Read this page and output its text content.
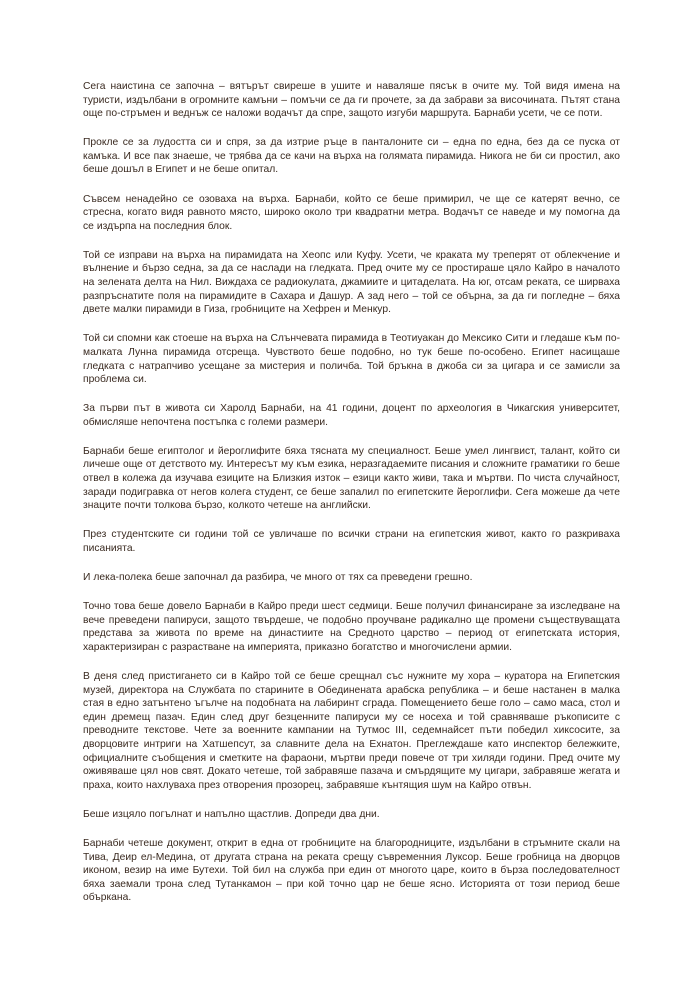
Сега наистина се започна – вятърът свиреше в ушите и наваляше пясък в очите му. Той видя имена на туристи, издълбани в огромните камъни – помъчи се да ги прочете, за да забрави за височината. Пътят стана още по-стръмен и веднъж се наложи водачът да спре, защото изгуби маршрута. Барнаби усети, че се поти.

Прокле се за лудостта си и спря, за да изтрие ръце в панталоните си – една по една, без да се пуска от камъка. И все пак знаеше, че трябва да се качи на върха на голямата пирамида. Никога не би си простил, ако беше дошъл в Египет и не беше опитал.

Съвсем ненадейно се озоваха на върха. Барнаби, който се беше примирил, че ще се катерят вечно, се стресна, когато видя равното място, широко около три квадратни метра. Водачът се наведе и му помогна да се издърпа на последния блок.

Той се изправи на върха на пирамидата на Хеопс или Куфу. Усети, че краката му треперят от облекчение и вълнение и бързо седна, за да се наслади на гледката. Пред очите му се простираше цяло Кайро в началото на зелената делта на Нил. Виждаха се радиокулата, джамиите и цитаделата. На юг, отсам реката, се ширваха разпръснатите поля на пирамидите в Сахара и Дашур. А зад него – той се обърна, за да ги погледне – бяха двете малки пирамиди в Гиза, гробниците на Хефрен и Менкур.

Той си спомни как стоеше на върха на Слънчевата пирамида в Теотиуакан до Мексико Сити и гледаше към по-малката Лунна пирамида отсреща. Чувството беше подобно, но тук беше по-особено. Египет насищаше гледката с натрапчиво усещане за мистерия и поличба. Той бръкна в джоба си за цигара и се замисли за проблема си.

За първи път в живота си Харолд Барнаби, на 41 години, доцент по археология в Чикагския университет, обмисляше непочтена постъпка с големи размери.

Барнаби беше египтолог и йероглифите бяха тясната му специалност. Беше умел лингвист, талант, който си личеше още от детството му. Интересът му към езика, неразгадаемите писания и сложните граматики го беше отвел в колежа да изучава езиците на Близкия изток – езици както живи, така и мъртви. По чиста случайност, заради подигравка от негов колега студент, се беше запалил по египетските йероглифи. Сега можеше да чете знаците почти толкова бързо, колкото четеше на английски.

През студентските си години той се увличаше по всички страни на египетския живот, както го разкриваха писанията.

И лека-полека беше започнал да разбира, че много от тях са преведени грешно.

Точно това беше довело Барнаби в Кайро преди шест седмици. Беше получил финансиране за изследване на вече преведени папируси, защото твърдеше, че подобно проучване радикално ще промени съществуващата представа за живота по време на династиите на Средното царство – период от египетската история, характеризиран с разрастване на империята, приказно богатство и многочислени армии.

В деня след пристигането си в Кайро той се беше срещнал със нужните му хора – куратора на Египетския музей, директора на Службата по старините в Обединената арабска република – и беше настанен в малка стая в едно затънтено ъгълче на подобната на лабиринт сграда. Помещението беше голо – само маса, стол и един дремещ пазач. Един след друг безценните папируси му се носеха и той сравняваше ръкописите с преводните текстове. Чете за военните кампании на Тутмос III, седемнайсет пъти победил хиксосите, за дворцовите интриги на Хатшепсут, за славните дела на Ехнатон. Преглеждаше като инспектор бележките, официалните съобщения и сметките на фараони, мъртви преди повече от три хиляди години. Пред очите му оживяваше цял нов свят. Докато четеше, той забравяше пазача и смърдящите му цигари, забравяше жегата и праха, които нахлуваха през отворения прозорец, забравяше кънтящия шум на Кайро отвън.

Беше изцяло погълнат и напълно щастлив. Допреди два дни.

Барнаби четеше документ, открит в една от гробниците на благородниците, издълбани в стръмните скали на Тива, Деир ел-Медина, от другата страна на реката срещу съвременния Луксор. Беше гробница на дворцов иконом, везир на име Бутехи. Той бил на служба при един от многото царе, които в бърза последователност бяха заемали трона след Тутанкамон – при кой точно цар не беше ясно. Историята от този период беше объркана.
